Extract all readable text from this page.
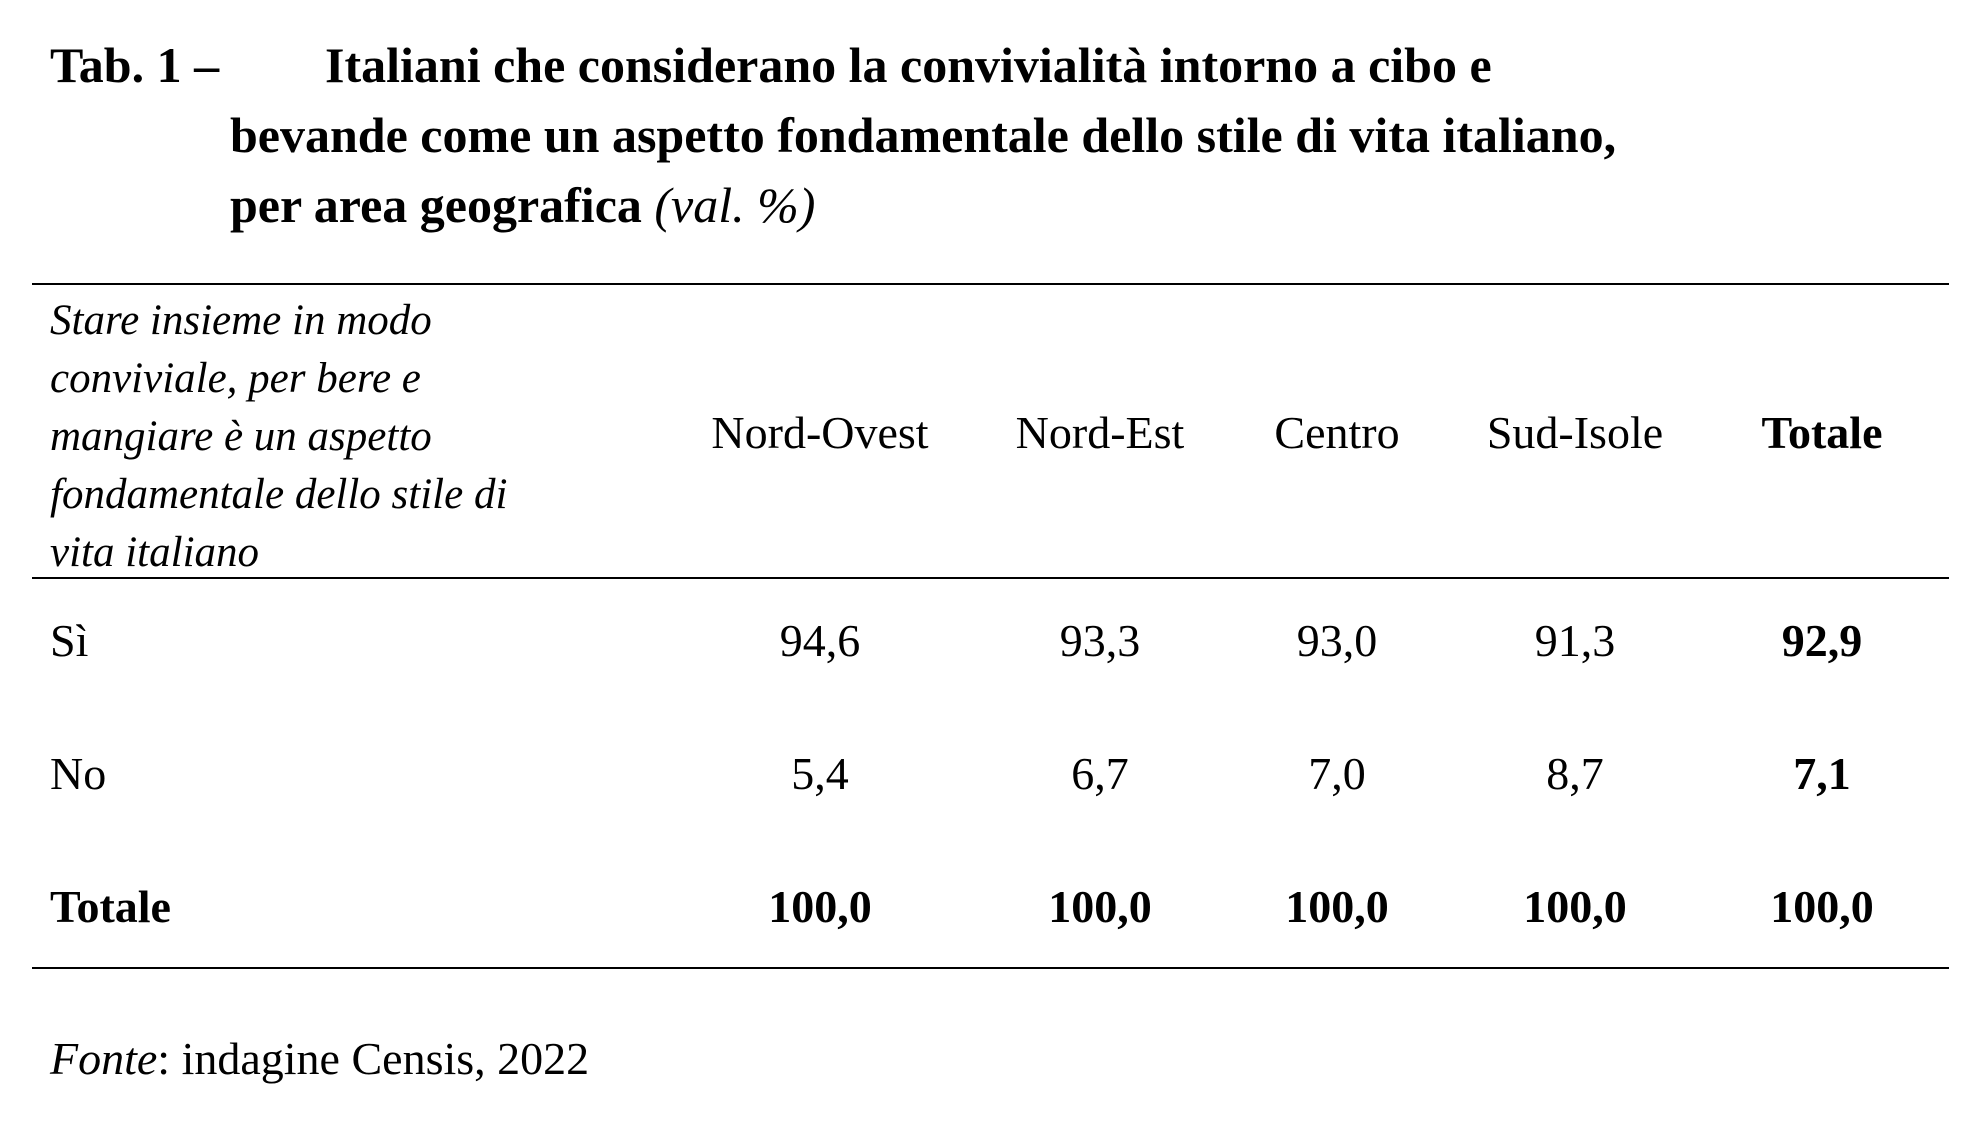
Tab. 1 – Italiani che considerano la convivialità intorno a cibo e
bevande come un aspetto fondamentale dello stile di vita italiano,
per area geografica (val. %)
Stare insieme in modo
conviviale, per bere e
mangiare è un aspetto
fondamentale dello stile di
vita italiano
Nord-Ovest Nord-Est Centro Sud-Isole Totale
Sì	94,6	93,3	93,0	91,3	92,9
No	5,4	6,7	7,0	8,7	7,1
Totale	100,0	100,0	100,0	100,0	100,0
Fonte: indagine Censis, 2022
